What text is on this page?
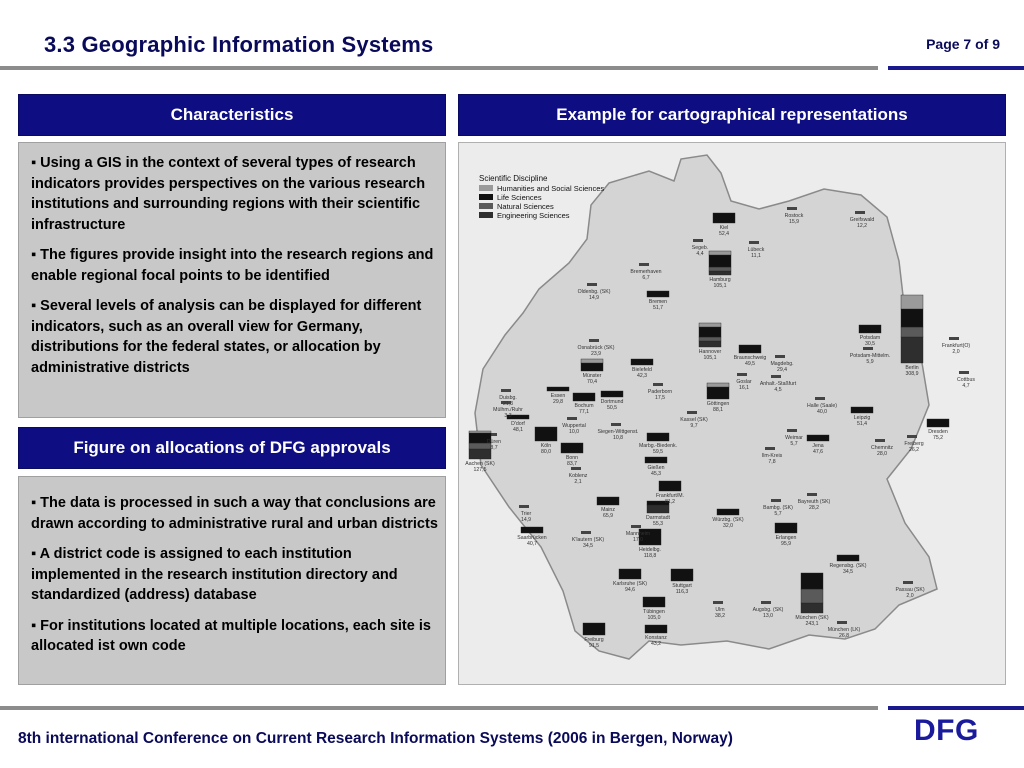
3.3 Geographic Information Systems	Page 7 of 9
Characteristics

▪ Using a GIS in the context of several types of research indicators provides perspectives on the various research institutions and surrounding regions with their scientific infrastructure

▪ The figures provide insight into the research regions and enable regional focal points to be identified

▪ Several levels of analysis can be displayed for different indicators, such as an overall view for Germany, distributions for the federal states, or allocation by administrative districts

Figure on allocations of DFG approvals

▪ The data is processed in such a way that conclusions are drawn according to administrative rural and urban districts

▪ A district code is assigned to each institution implemented in the research institution directory and standardized (address) database

▪ For institutions located at multiple locations, each site is allocated ist own code

Example for cartographical representations
Kiel
52,4
Rostock
15,9	Greifswald
12,2
Segeb.
4,4
Lübeck
11,1
Bremerhaven
6,7	Hamburg
105,1
Oldenbg. (SK)
14,9
Bremen
51,7
Potsdam
30,5
Berlin
308,9
Potsdam-Mittelm.
5,9
Frankfurt(O)
2,0
Hannover
105,1	Braunschweig
49,5
Osnabrück (SK)
23,9
Bielefeld
42,3
Magdebg.
29,4
Münster
70,4
Paderborn
17,5
Goslar
16,1
Anhalt.-Staßfurt
4,5
Cottbus
4,7
Duisbg.
21,3
Essen
29,8
Mülhm./Ruhr
3,3
Bochum
77,1
Dortmund
50,5
Göttingen
88,1
Halle (Saale)
40,0
Leipzig
51,4
D'dorf
48,1
Wuppertal
10,0	Siegen-Wittgenst.
10,8
Kassel (SK)
9,7
Weimar
5,7	Jena
47,6
Dresden
75,2
Düren
8,7	Köln
80,0
Bonn
83,7
Marbg.-Biedenk.
59,5
Ilm-Kreis
7,8
Chemnitz
28,0
Freiberg
26,2
Aachen (SK)
127,5	Gießen
45,3
Koblenz
2,1
Frankfurt/M.
81,2
Mainz
65,9	Darmstadt
55,3
Würzbg. (SK)
32,0
Bambg. (SK)
5,7
Bayreuth (SK)
28,2
Trier
14,9
Saarbrücken
40,7
K'lautern (SK)
34,5
Mannheim
17,0
Heidelbg.
118,8
Erlangen
95,9
Regensbg. (SK)
34,5
Karlsruhe (SK)
94,6
Stuttgart
116,3	Passau (SK)
2,0
Tübingen
105,0
Ulm
38,2
Augsbg. (SK)
13,0	München (SK)
243,1
München (LK)
26,8
Freiburg
91,5
Konstanz
43,2
Scientific Discipline
Humanities and Social Sciences
Life Sciences
Natural Sciences
Engineering Sciences
8th international Conference on Current Research Information Systems (2006 in Bergen, Norway)	DFG
